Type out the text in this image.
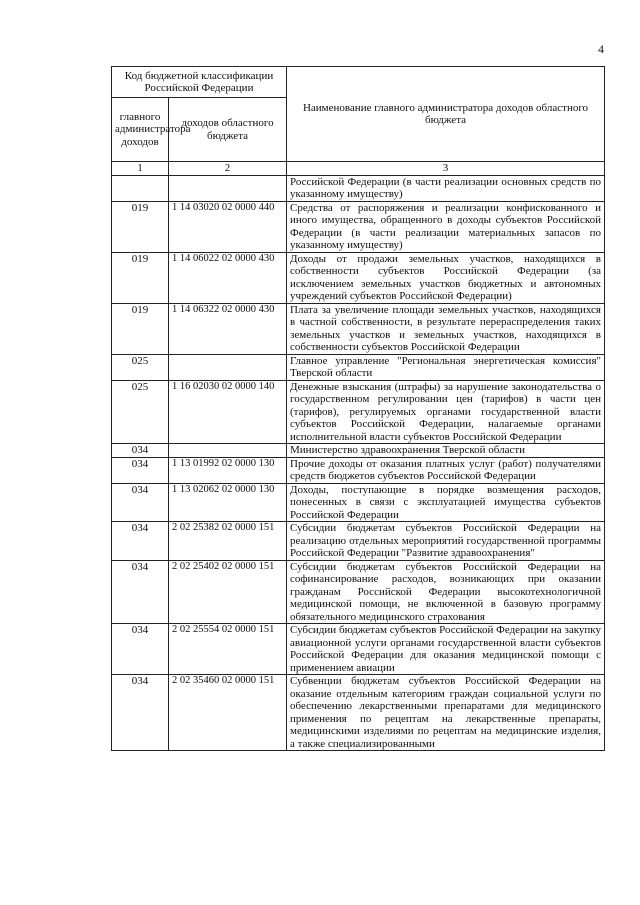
4
Код бюджетной классификации Российской Федерации		Наименование главного администратора доходов областного бюджета
главного администратора доходов	доходов областного бюджета	
1	2	3
		Российской Федерации (в части реализации основных средств по указанному имуществу)
019	1 14 03020 02 0000 440	Средства от распоряжения и реализации конфискованного и иного имущества, обращенного в доходы субъектов Российской Федерации (в части реализации материальных запасов по указанному имуществу)
019	1 14 06022 02 0000 430	Доходы от продажи земельных участков, находящихся в собственности субъектов Российской Федерации (за исключением земельных участков бюджетных и автономных учреждений субъектов Российской Федерации)
019	1 14 06322 02 0000 430	Плата за увеличение площади земельных участков, находящихся в частной собственности, в результате перераспределения таких земельных участков и земельных участков, находящихся в собственности субъектов Российской Федерации
025		Главное управление "Региональная энергетическая комиссия" Тверской области
025	1 16 02030 02 0000 140	Денежные взыскания (штрафы) за нарушение законодательства о государственном регулировании цен (тарифов) в части цен (тарифов), регулируемых органами государственной власти субъектов Российской Федерации, налагаемые органами исполнительной власти субъектов Российской Федерации
034		Министерство здравоохранения Тверской области
034	1 13 01992 02 0000 130	Прочие доходы от оказания платных услуг (работ) получателями средств бюджетов субъектов Российской Федерации
034	1 13 02062 02 0000 130	Доходы, поступающие в порядке возмещения расходов, понесенных в связи с эксплуатацией имущества субъектов Российской Федерации
034	2 02 25382 02 0000 151	Субсидии бюджетам субъектов Российской Федерации на реализацию отдельных мероприятий государственной программы Российской Федерации "Развитие здравоохранения"
034	2 02 25402 02 0000 151	Субсидии бюджетам субъектов Российской Федерации на софинансирование расходов, возникающих при оказании гражданам Российской Федерации высокотехнологичной медицинской помощи, не включенной в базовую программу обязательного медицинского страхования
034	2 02 25554 02 0000 151	Субсидии бюджетам субъектов Российской Федерации на закупку авиационной услуги органами государственной власти субъектов Российской Федерации для оказания медицинской помощи с применением авиации
034	2 02 35460 02 0000 151	Субвенции бюджетам субъектов Российской Федерации на оказание отдельным категориям граждан социальной услуги по обеспечению лекарственными препаратами для медицинского применения по рецептам на лекарственные препараты, медицинскими изделиями по рецептам на медицинские изделия, а также специализированными
